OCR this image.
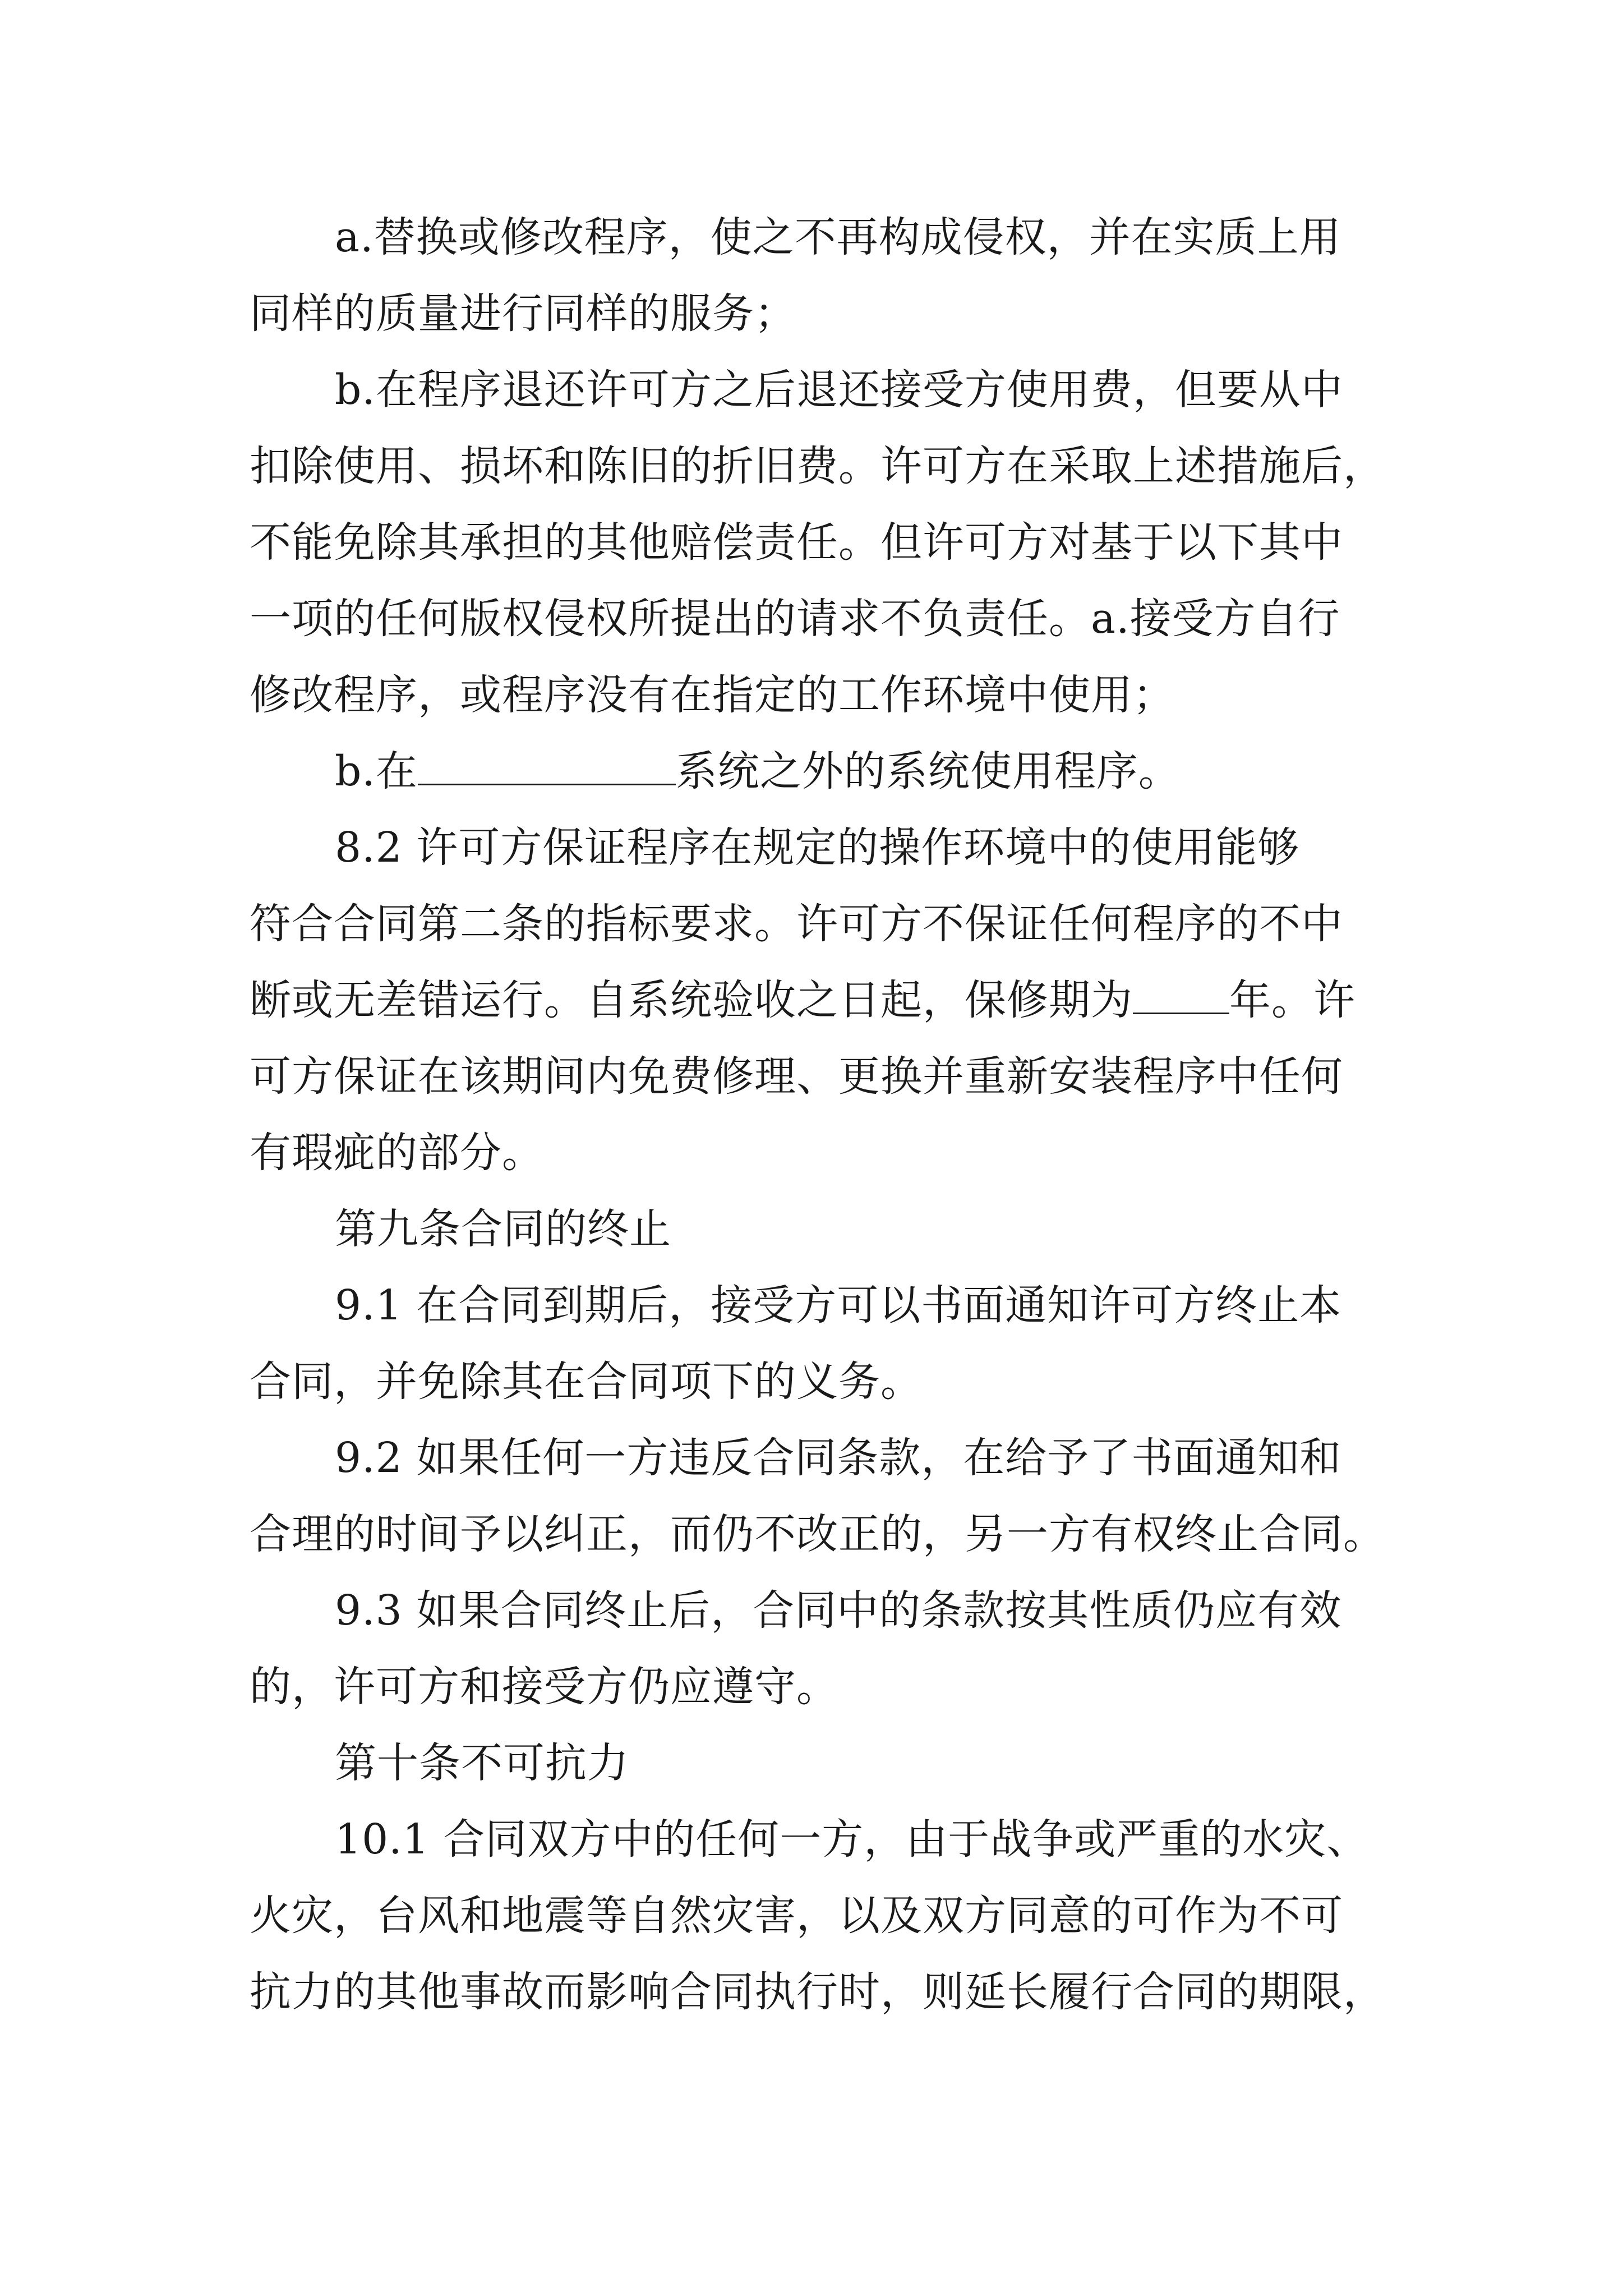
a.替换或修改程序，使之不再构成侵权，并在实质上用
同样的质量进行同样的服务；
b.在程序退还许可方之后退还接受方使用费，但要从中
扣除使用、损坏和陈旧的折旧费。许可方在采取上述措施后，
不能免除其承担的其他赔偿责任。但许可方对基于以下其中
一项的任何版权侵权所提出的请求不负责任。a.接受方自行
修改程序，或程序没有在指定的工作环境中使用；
b.在	系统之外的系统使用程序。
8.2 许可方保证程序在规定的操作环境中的使用能够
符合合同第二条的指标要求。许可方不保证任何程序的不中
断或无差错运行。自系统验收之日起，保修期为 年。许
可方保证在该期间内免费修理、更换并重新安装程序中任何
有瑕疵的部分。
第九条合同的终止
9.1 在合同到期后，接受方可以书面通知许可方终止本
合同，并免除其在合同项下的义务。
9.2 如果任何一方违反合同条款，在给予了书面通知和
合理的时间予以纠正，而仍不改正的，另一方有权终止合同。
9.3 如果合同终止后，合同中的条款按其性质仍应有效
的，许可方和接受方仍应遵守。
第十条不可抗力
10.1 合同双方中的任何一方，由于战争或严重的水灾、
火灾，台风和地震等自然灾害，以及双方同意的可作为不可
抗力的其他事故而影响合同执行时，则延长履行合同的期限，
